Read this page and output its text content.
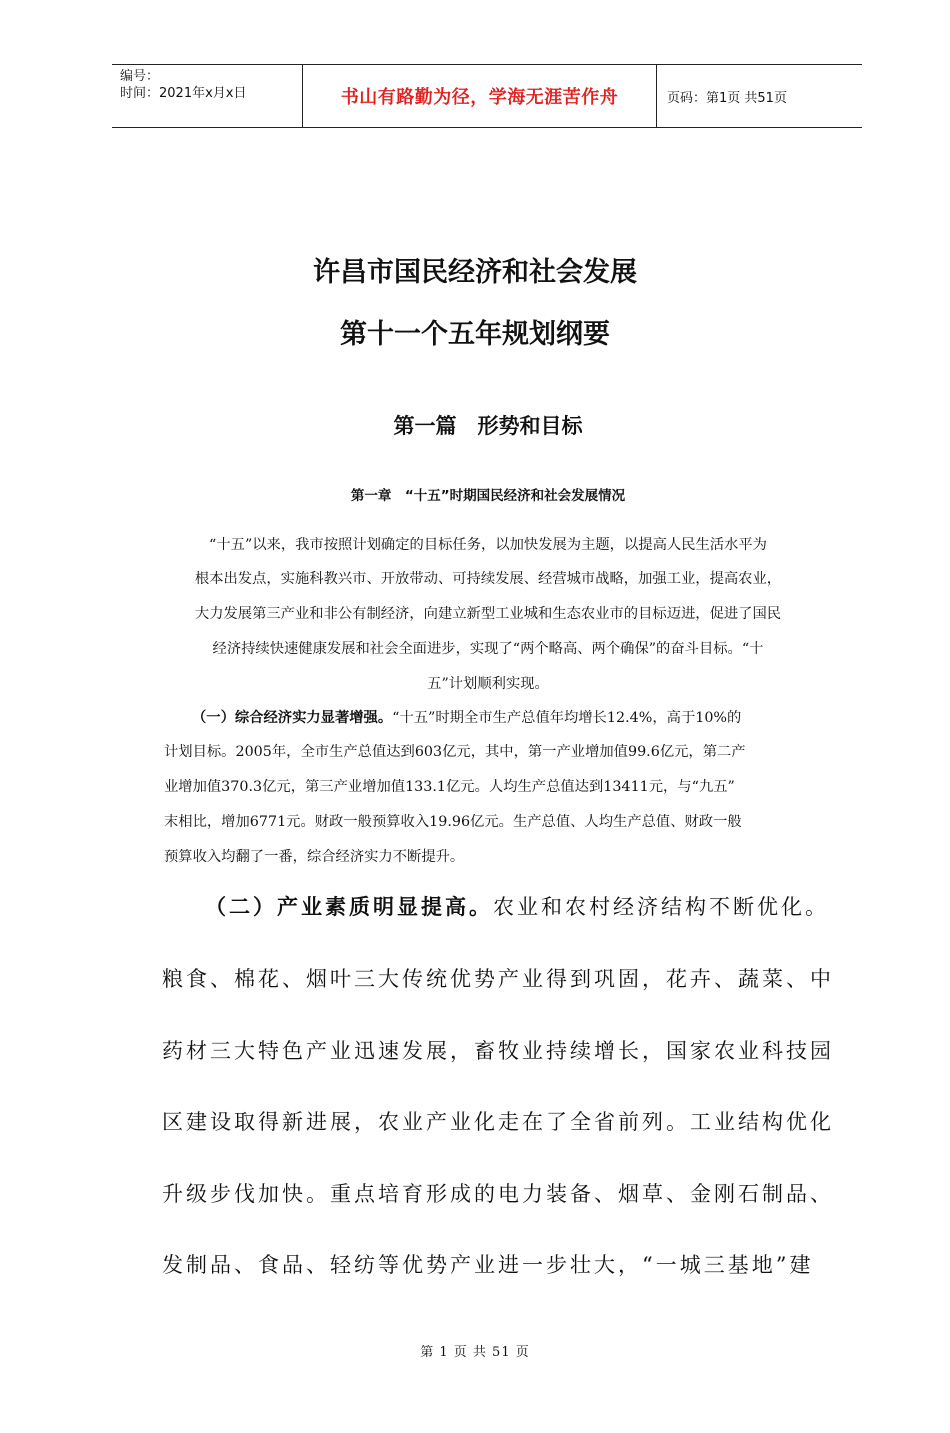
编号：
时间：2021年x月x日	书山有路勤为径，学海无涯苦作舟	页码：第1页 共51页
许昌市国民经济和社会发展
第十一个五年规划纲要
第一篇　形势和目标
第一章　“十五”时期国民经济和社会发展情况
“十五”以来，我市按照计划确定的目标任务，以加快发展为主题，以提高人民生活水平为
根本出发点，实施科教兴市、开放带动、可持续发展、经营城市战略，加强工业，提高农业，
大力发展第三产业和非公有制经济，向建立新型工业城和生态农业市的目标迈进，促进了国民
经济持续快速健康发展和社会全面进步，实现了“两个略高、两个确保”的奋斗目标。“十
五”计划顺利实现。
（一）综合经济实力显著增强。“十五”时期全市生产总值年均增长12.4%，高于10%的
计划目标。2005年，全市生产总值达到603亿元，其中，第一产业增加值99.6亿元，第二产
业增加值370.3亿元，第三产业增加值133.1亿元。人均生产总值达到13411元，与“九五”
末相比，增加6771元。财政一般预算收入19.96亿元。生产总值、人均生产总值、财政一般
预算收入均翻了一番，综合经济实力不断提升。
（二）产业素质明显提高。农业和农村经济结构不断优化。
粮食、棉花、烟叶三大传统优势产业得到巩固，花卉、蔬菜、中
药材三大特色产业迅速发展，畜牧业持续增长，国家农业科技园
区建设取得新进展，农业产业化走在了全省前列。工业结构优化
升级步伐加快。重点培育形成的电力装备、烟草、金刚石制品、
发制品、食品、轻纺等优势产业进一步壮大，“一城三基地”建
第 1 页 共 51 页
